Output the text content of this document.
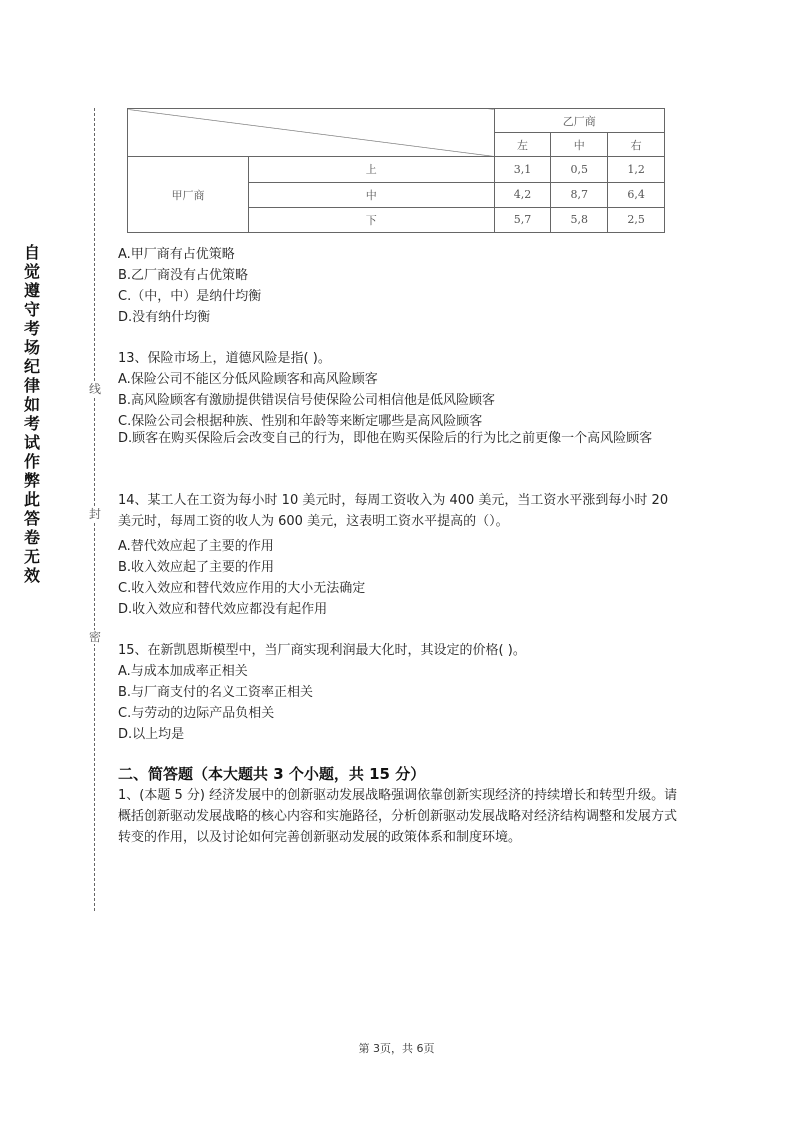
自觉遵守考场纪律如考试作弊此答卷无效
线
封
密
		乙厂商		
		左	中	右
甲厂商	上	3,1	0,5	1,2
	中	4,2	8,7	6,4
	下	5,7	5,8	2,5
A.甲厂商有占优策略
B.乙厂商没有占优策略
C.（中，中）是纳什均衡
D.没有纳什均衡
13、保险市场上，道德风险是指( )。
A.保险公司不能区分低风险顾客和高风险顾客
B.高风险顾客有激励提供错误信号使保险公司相信他是低风险顾客
C.保险公司会根据种族、性别和年龄等来断定哪些是高风险顾客
D.顾客在购买保险后会改变自己的行为，即他在购买保险后的行为比之前更像一个高风险顾客
14、某工人在工资为每小时 10 美元时，每周工资收入为 400 美元，当工资水平涨到每小时 20 美元时，每周工资的收人为 600 美元，这表明工资水平提高的（）。
A.替代效应起了主要的作用
B.收入效应起了主要的作用
C.收入效应和替代效应作用的大小无法确定
D.收入效应和替代效应都没有起作用
15、在新凯恩斯模型中，当厂商实现利润最大化时，其设定的价格( )。
A.与成本加成率正相关
B.与厂商支付的名义工资率正相关
C.与劳动的边际产品负相关
D.以上均是
二、简答题（本大题共 3 个小题，共 15 分）
1、(本题 5 分) 经济发展中的创新驱动发展战略强调依靠创新实现经济的持续增长和转型升级。请概括创新驱动发展战略的核心内容和实施路径，分析创新驱动发展战略对经济结构调整和发展方式转变的作用，以及讨论如何完善创新驱动发展的政策体系和制度环境。
第 3页，共 6页
